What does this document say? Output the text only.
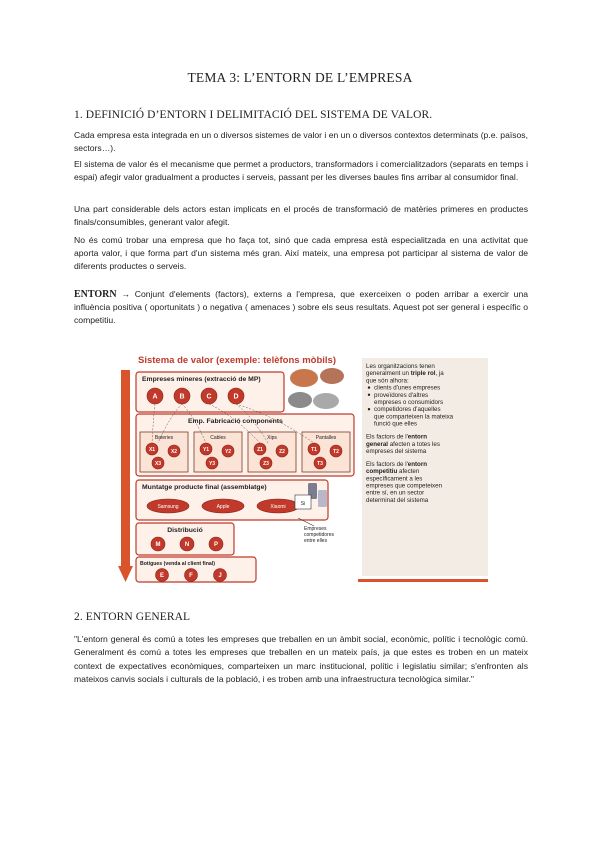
TEMA 3: L’ENTORN DE L’EMPRESA
1. DEFINICIÓ D’ENTORN I DELIMITACIÓ DEL SISTEMA DE VALOR.
Cada empresa esta integrada en un o diversos sistemes de valor i en un o diversos contextos determinats (p.e. països, sectors…).
El sistema de valor és el mecanisme que permet a productors, transformadors i comercialitzadors (separats en temps i espai) afegir valor gradualment a productes i serveis, passant per les diverses baules fins arribar al consumidor final.
Una part considerable dels actors estan implicats en el procés de transformació de matèries primeres en productes finals/consumibles, generant valor afegit.
No és comú trobar una empresa que ho faça tot, sinó que cada empresa està especialitzada en una activitat que aporta valor, i que forma part d'un sistema més gran. Així mateix, una empresa pot participar al sistema de valor de diferents productes o serveis.
ENTORN → Conjunt d'elements (factors), externs a l'empresa, que exerceixen o poden arribar a exercir una influència positiva ( oportunitats ) o negativa ( amenaces ) sobre els seus resultats. Aquest pot ser general i específic o competitiu.
Sistema de valor (exemple: telèfons mòbils)
Empreses mineres (extracció de MP)
A	B	C	D
Emp. Fabricació components
Bateries
X1	X2
X3
Cables
Y1	Y2
Y3
Xips
Z1	Z2
Z3
Pantalles
T1	T2
T3
Muntatge producte final (assemblatge)
Samsung	Apple	Xiaomi
Distribució
M	N	P
Botigues (venda al client final)
E	F	J
Si
Empreses
competidores
entre elles
Les organitzacions tenen
generalment un triple rol, ja
que són alhora:
clients d'unes empreses
proveïdores d'altres
empreses o consumidors
competidores d'aquelles
que comparteixen la mateixa
funció que elles
Els factors de l'entorn
general afecten a totes les
empreses del sistema
Els factors de l'entorn
competitiu afecten
específicament a les
empreses que competeixen
entre sí, en un sector
determinat del sistema
2. ENTORN GENERAL
"L'entorn general és comú a totes les empreses que treballen en un àmbit social, econòmic, polític i tecnològic comú. Generalment és comú a totes les empreses que treballen en un mateix país, ja que estes es troben en un mateix context de expectatives econòmiques, comparteixen un marc institucional, polític i legislatiu similar; s'enfronten als mateixos canvis socials i culturals de la població, i es troben amb una infraestructura tecnològica similar."
